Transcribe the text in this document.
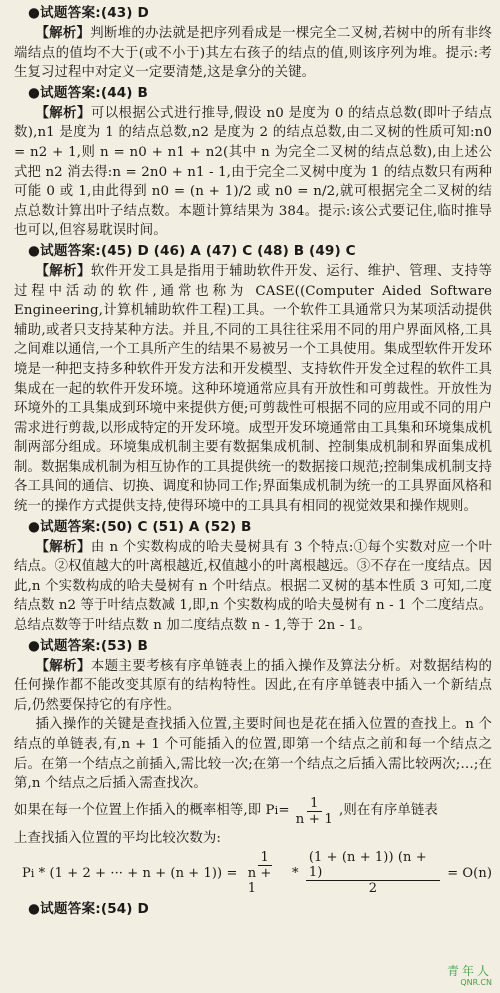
●试题答案:(43) D

【解析】判断堆的办法就是把序列看成是一棵完全二叉树,若树中的所有非终端结点的值均不大于(或不小于)其左右孩子的结点的值,则该序列为堆。提示:考生复习过程中对定义一定要清楚,这是拿分的关键。

●试题答案:(44) B

【解析】可以根据公式进行推导,假设 n0 是度为 0 的结点总数(即叶子结点数),n1 是度为 1 的结点总数,n2 是度为 2 的结点总数,由二叉树的性质可知:n0 = n2 + 1,则 n = n0 + n1 + n2(其中 n 为完全二叉树的结点总数),由上述公式把 n2 消去得:n = 2n0 + n1 - 1,由于完全二叉树中度为 1 的结点数只有两种可能 0 或 1,由此得到 n0 = (n + 1)/2 或 n0 = n/2,就可根据完全二叉树的结点总数计算出叶子结点数。本题计算结果为 384。提示:该公式要记住,临时推导也可以,但容易耽误时间。

●试题答案:(45) D (46) A (47) C (48) B (49) C

【解析】软件开发工具是指用于辅助软件开发、运行、维护、管理、支持等过程中活动的软件,通常也称为 CASE((Computer Aided Software Engineering,计算机辅助软件工程)工具。一个软件工具通常只为某项活动提供辅助,或者只支持某种方法。并且,不同的工具往往采用不同的用户界面风格,工具之间难以通信,一个工具所产生的结果不易被另一个工具使用。集成型软件开发环境是一种把支持多种软件开发方法和开发模型、支持软件开发全过程的软件工具集成在一起的软件开发环境。这种环境通常应具有开放性和可剪裁性。开放性为环境外的工具集成到环境中来提供方便;可剪裁性可根据不同的应用或不同的用户需求进行剪裁,以形成特定的开发环境。成型开发环境通常由工具集和环境集成机制两部分组成。环境集成机制主要有数据集成机制、控制集成机制和界面集成机制。数据集成机制为相互协作的工具提供统一的数据接口规范;控制集成机制支持各工具间的通信、切换、调度和协同工作;界面集成机制为统一的工具界面风格和统一的操作方式提供支持,使得环境中的工具具有相同的视觉效果和操作规则。

●试题答案:(50) C (51) A (52) B

【解析】由 n 个实数构成的哈夫曼树具有 3 个特点:①每个实数对应一个叶结点。②权值越大的叶离根越近,权值越小的叶离根越远。③不存在一度结点。因此,n 个实数构成的哈夫曼树有 n 个叶结点。根据二叉树的基本性质 3 可知,二度结点数 n2 等于叶结点数减 1,即,n 个实数构成的哈夫曼树有 n - 1 个二度结点。总结点数等于叶结点数 n 加二度结点数 n - 1,等于 2n - 1。

●试题答案:(53) B

【解析】本题主要考核有序单链表上的插入操作及算法分析。对数据结构的任何操作都不能改变其原有的结构特性。因此,在有序单链表中插入一个新结点后,仍然要保持它的有序性。

插入操作的关键是查找插入位置,主要时间也是花在插入位置的查找上。n 个结点的单链表,有,n + 1 个可能插入的位置,即第一个结点之前和每一个结点之后。在第一个结点之前插入,需比较一次;在第一个结点之后插入需比较两次;…;在第,n 个结点之后插入需查找次。

如果在每一个位置上作插入的概率相等,即 P $i = \frac{1}{n + 1}$ ,则在有序单链表

上查找插入位置的平均比较次数为:

P i * (1 + 2 + ··· + $n + (n + 1)) = \frac{1}{n + 1} * \frac{(1 + (n + 1)) (n + 1)}{2} = O(n)$
●试题答案:(54) D
青年人
QNR.CN
